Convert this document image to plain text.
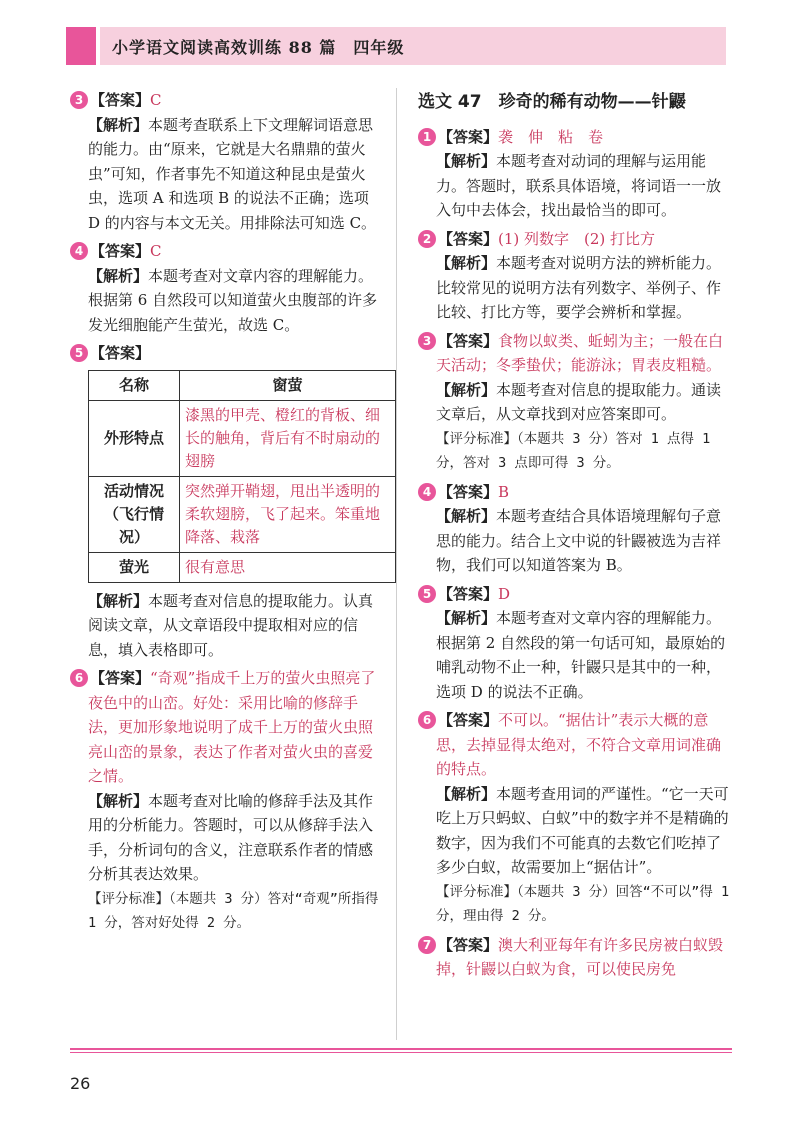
小学语文阅读高效训练 88 篇　四年级

3 【答案】C

【解析】本题考查联系上下文理解词语意思的能力。由“原来，它就是大名鼎鼎的萤火虫”可知，作者事先不知道这种昆虫是萤火虫，选项 A 和选项 B 的说法不正确；选项 D 的内容与本文无关。用排除法可知选 C。

4 【答案】C

【解析】本题考查对文章内容的理解能力。根据第 6 自然段可以知道萤火虫腹部的许多发光细胞能产生萤光，故选 C。

5 【答案】

名称	窗萤
外形特点	漆黑的甲壳、橙红的背板、细长的触角，背后有不时扇动的翅膀
活动情况（飞行情况）	突然弹开鞘翅，甩出半透明的柔软翅膀，飞了起来。笨重地降落、栽落
萤光	很有意思

【解析】本题考查对信息的提取能力。认真阅读文章，从文章语段中提取相对应的信息，填入表格即可。

6 【答案】“奇观”指成千上万的萤火虫照亮了夜色中的山峦。好处：采用比喻的修辞手法，更加形象地说明了成千上万的萤火虫照亮山峦的景象，表达了作者对萤火虫的喜爱之情。

【解析】本题考查对比喻的修辞手法及其作用的分析能力。答题时，可以从修辞手法入手，分析词句的含义，注意联系作者的情感分析其表达效果。

【评分标准】（本题共 3 分）答对“奇观”所指得 1 分，答对好处得 2 分。

选文 47　珍奇的稀有动物——针鼹

1 【答案】袭　伸　粘　卷

【解析】本题考查对动词的理解与运用能力。答题时，联系具体语境，将词语一一放入句中去体会，找出最恰当的即可。

2 【答案】(1) 列数字　(2) 打比方

【解析】本题考查对说明方法的辨析能力。比较常见的说明方法有列数字、举例子、作比较、打比方等，要学会辨析和掌握。

3 【答案】食物以蚁类、蚯蚓为主；一般在白天活动；冬季蛰伏；能游泳；胃表皮粗糙。

【解析】本题考查对信息的提取能力。通读文章后，从文章找到对应答案即可。

【评分标准】（本题共 3 分）答对 1 点得 1 分，答对 3 点即可得 3 分。

4 【答案】B

【解析】本题考查结合具体语境理解句子意思的能力。结合上文中说的针鼹被选为吉祥物，我们可以知道答案为 B。

5 【答案】D

【解析】本题考查对文章内容的理解能力。根据第 2 自然段的第一句话可知，最原始的哺乳动物不止一种，针鼹只是其中的一种，选项 D 的说法不正确。

6 【答案】不可以。“据估计”表示大概的意思，去掉显得太绝对，不符合文章用词准确的特点。

【解析】本题考查用词的严谨性。“它一天可吃上万只蚂蚁、白蚁”中的数字并不是精确的数字，因为我们不可能真的去数它们吃掉了多少白蚁，故需要加上“据估计”。

【评分标准】（本题共 3 分）回答“不可以”得 1 分，理由得 2 分。

7 【答案】澳大利亚每年有许多民房被白蚁毁掉，针鼹以白蚁为食，可以使民房免

26
